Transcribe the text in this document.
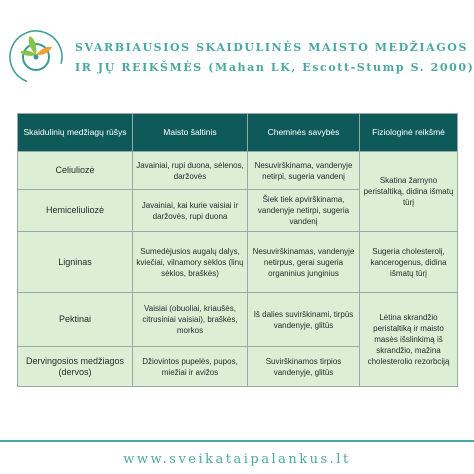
SVARBIAUSIOS SKAIDULINĖS MAISTO MEDŽIAGOS
IR JŲ REIKŠMĖS (Mahan LK, Escott-Stump S. 2000)
Skaidulinių medžiagų rūšys	Maisto šaltinis	Cheminės savybės	Fiziologinė reikšmė
Celiuliozė	Javainiai, rupi duona, sėlenos, daržovės	Nesuvirškinama, vandenyje netirpi, sugeria vandenį	Skatina žarnyno peristaltiką, didina išmatų tūrį
Hemiceliuliozė	Javainiai, kai kurie vaisiai ir daržovės, rupi duona	Šiek tiek apvirškinama, vandenyje netirpi, sugeria vandenį	
Ligninas	Sumedėjusios augalų dalys, kviečiai, vilnamory sėklos (linų sėklos, braškės)	Nesuvirškinamas, vandenyje netirpus, gerai sugeria organinius junginius	Sugeria cholesterolį, kancerogenus, didina išmatų tūrį
Pektinai	Vaisiai (obuoliai, kriaušės, citrusiniai vaisiai), braškės, morkos	Iš dalies suvirškinami, tirpūs vandenyje, glitūs	Lėtina skrandžio peristaltiką ir maisto masės išslinkimą iš skrandžio, mažina cholesterolio rezorbciją
Dervingosios medžiagos (dervos)	Džiovintos pupelės, pupos, miežiai ir avižos	Suvirškinamos tirpios vandenyje, glitūs	
www.sveikataipalankus.lt
